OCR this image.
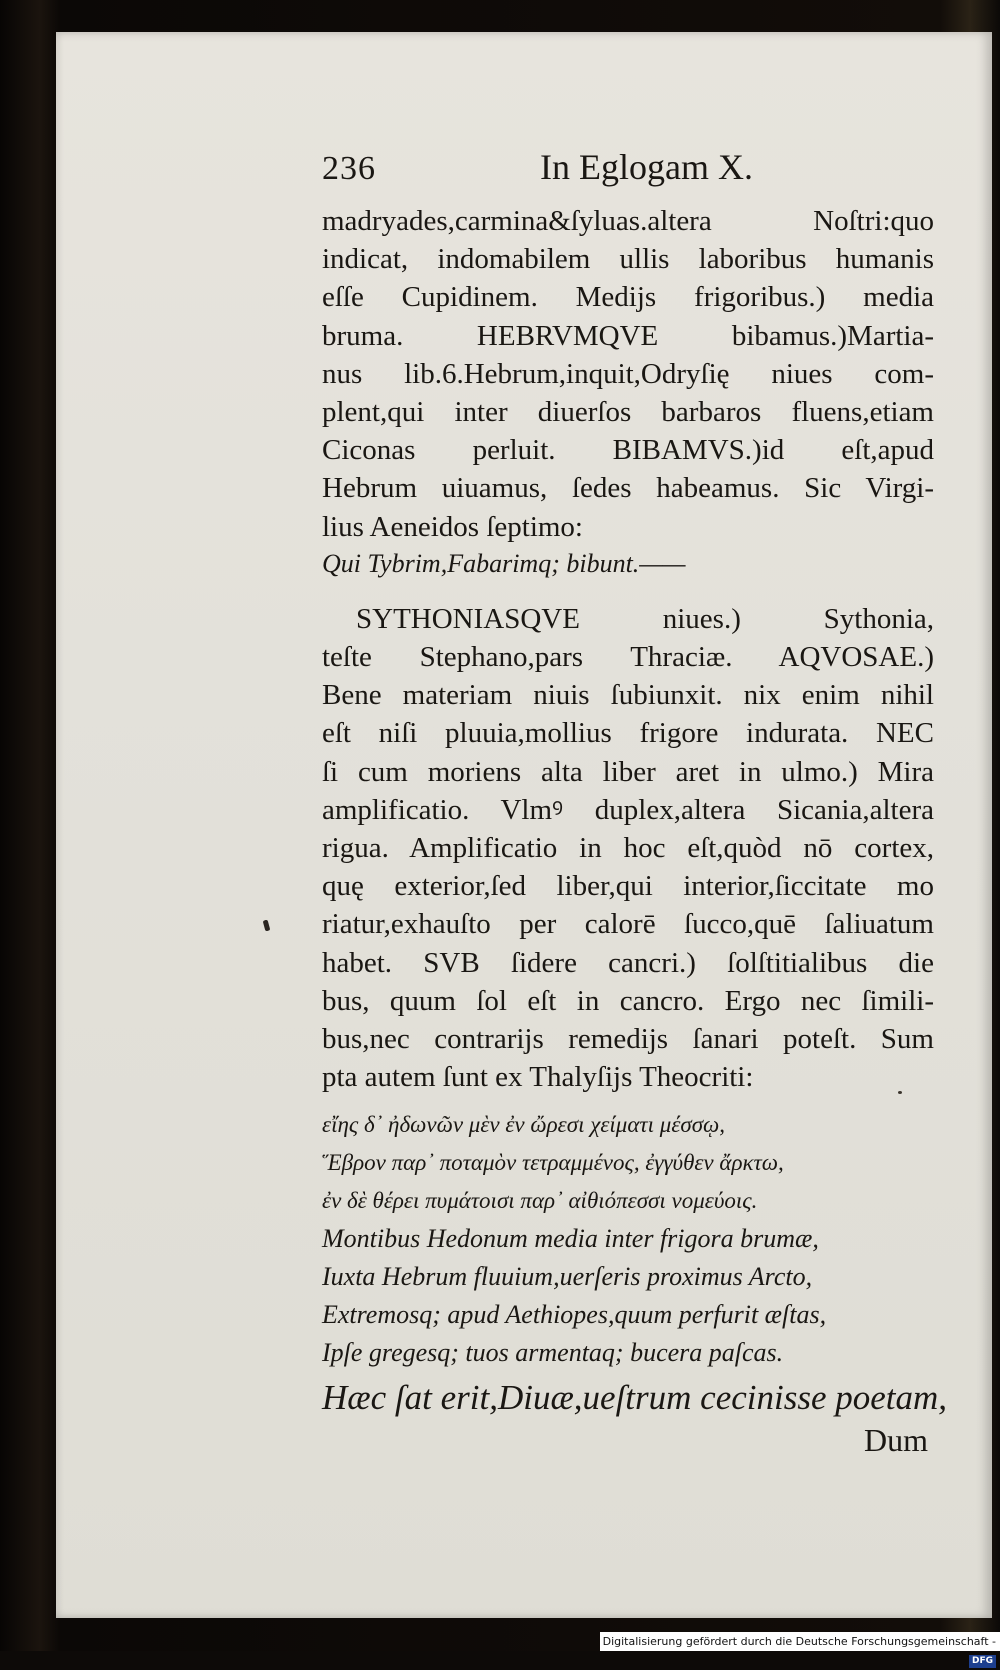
236	In Eglogam X.
madryades,carmina&ſyluas.altera Noſtri:quo
indicat, indomabilem ullis laboribus humanis
eſſe Cupidinem. Medijs frigoribus.) media
bruma. HEBRVMQVE bibamus.)Martia-
nus lib.6.Hebrum,inquit,Odryſię niues com-
plent,qui inter diuerſos barbaros fluens,etiam
Ciconas perluit. BIBAMVS.)id eſt,apud
Hebrum uiuamus, ſedes habeamus. Sic Virgi-
lius Aeneidos ſeptimo:
Qui Tybrim,Fabarimq; bibunt.——
SYTHONIASQVE niues.) Sythonia,
teſte Stephano,pars Thraciæ. AQVOSAE.)
Bene materiam niuis ſubiunxit. nix enim nihil
eſt niſi pluuia,mollius frigore indurata. NEC
ſi cum moriens alta liber aret in ulmo.) Mira
amplificatio. Vlmꝰ duplex,altera Sicania,altera
rigua. Amplificatio in hoc eſt,quòd nō cortex,
quę exterior,ſed liber,qui interior,ſiccitate mo
riatur,exhauſto per calorē ſucco,quē ſaliuatum
habet. SVB ſidere cancri.) ſolſtitialibus die
bus, quum ſol eſt in cancro. Ergo nec ſimili-
bus,nec contrarijs remedijs ſanari poteſt. Sum
pta autem ſunt ex Thalyſijs Theocriti:
εἴης δ᾽ ἠδωνῶν μὲν ἐν ὤρεσι χείματι μέσσῳ,
Ἕβρον παρ᾽ ποταμὸν τετραμμένος, ἐγγύθεν ἄρκτω,
ἐν δὲ θέρει πυμάτοισι παρ᾽ αἰθιόπεσσι νομεύοις.
Montibus Hedonum media inter frigora brumæ,
Iuxta Hebrum fluuium,uerſeris proximus Arcto,
Extremosq; apud Aethiopes,quum perfurit æſtas,
Ipſe gregesq; tuos armentaq; bucera paſcas.
Hæc ſat erit,Diuæ,ueſtrum cecinisse poetam,
Dum
Digitalisierung gefördert durch die Deutsche Forschungsgemeinschaft -DFG
